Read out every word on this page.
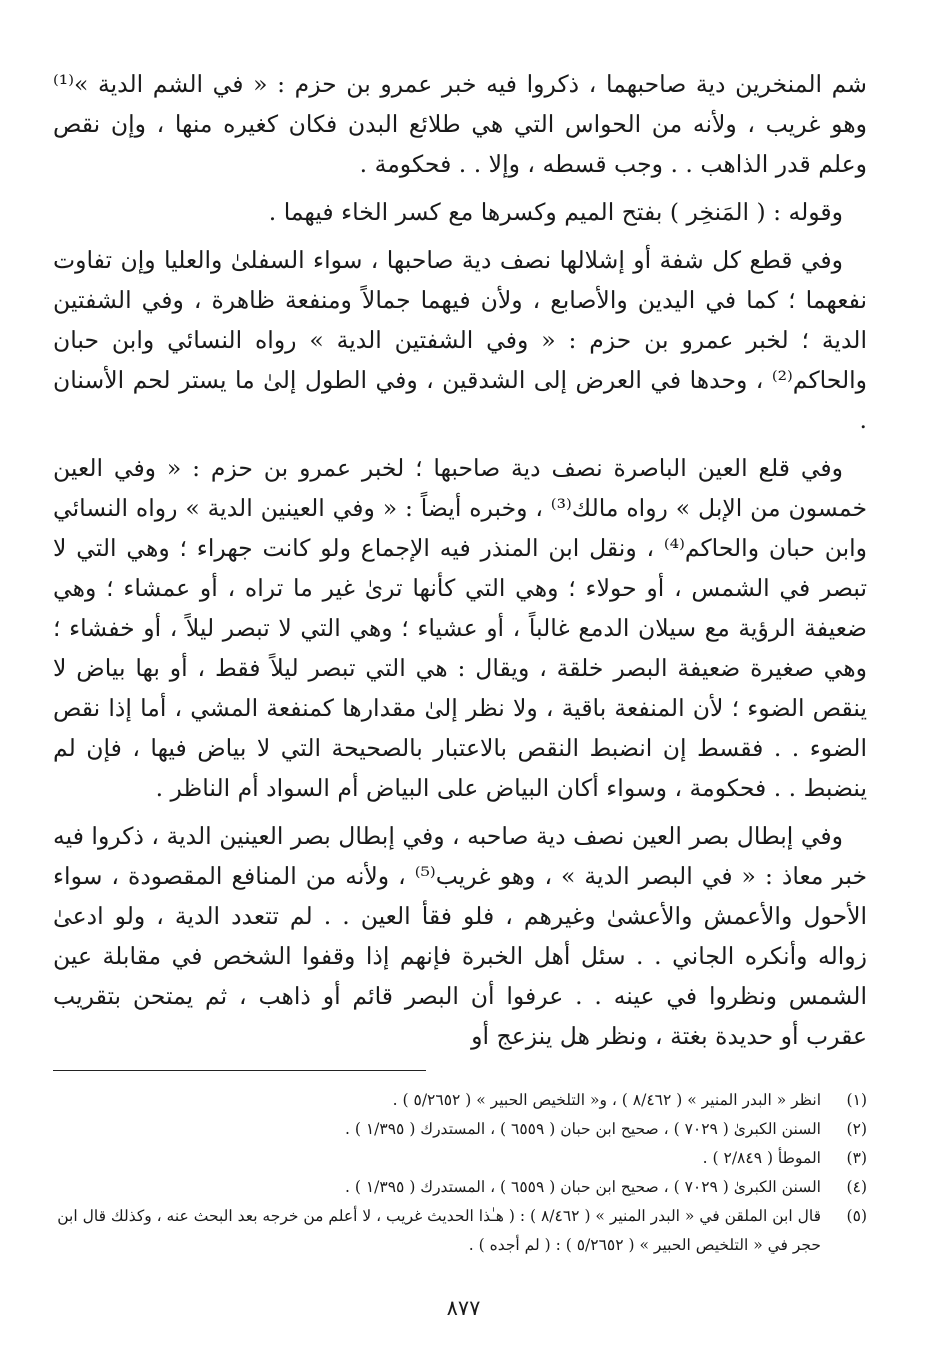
شم المنخرين دية صاحبهما ، ذكروا فيه خبر عمرو بن حزم : « في الشم الدية »⁽¹⁾ وهو غريب ، ولأنه من الحواس التي هي طلائع البدن فكان كغيره منها ، وإن نقص وعلم قدر الذاهب . . وجب قسطه ، وإلا . . فحكومة .

وقوله : ( المَنخِر ) بفتح الميم وكسرها مع كسر الخاء فيهما .

وفي قطع كل شفة أو إشلالها نصف دية صاحبها ، سواء السفلىٰ والعليا وإن تفاوت نفعهما ؛ كما في اليدين والأصابع ، ولأن فيهما جمالاً ومنفعة ظاهرة ، وفي الشفتين الدية ؛ لخبر عمرو بن حزم : « وفي الشفتين الدية » رواه النسائي وابن حبان والحاكم⁽²⁾ ، وحدها في العرض إلى الشدقين ، وفي الطول إلىٰ ما يستر لحم الأسنان .

وفي قلع العين الباصرة نصف دية صاحبها ؛ لخبر عمرو بن حزم : « وفي العين خمسون من الإبل » رواه مالك⁽³⁾ ، وخبره أيضاً : « وفي العينين الدية » رواه النسائي وابن حبان والحاكم⁽⁴⁾ ، ونقل ابن المنذر فيه الإجماع ولو كانت جهراء ؛ وهي التي لا تبصر في الشمس ، أو حولاء ؛ وهي التي كأنها ترىٰ غير ما تراه ، أو عمشاء ؛ وهي ضعيفة الرؤية مع سيلان الدمع غالباً ، أو عشياء ؛ وهي التي لا تبصر ليلاً ، أو خفشاء ؛ وهي صغيرة ضعيفة البصر خلقة ، ويقال : هي التي تبصر ليلاً فقط ، أو بها بياض لا ينقص الضوء ؛ لأن المنفعة باقية ، ولا نظر إلىٰ مقدارها كمنفعة المشي ، أما إذا نقص الضوء . . فقسط إن انضبط النقص بالاعتبار بالصحيحة التي لا بياض فيها ، فإن لم ينضبط . . فحكومة ، وسواء أكان البياض على البياض أم السواد أم الناظر .

وفي إبطال بصر العين نصف دية صاحبه ، وفي إبطال بصر العينين الدية ، ذكروا فيه خبر معاذ : « في البصر الدية » ، وهو غريب⁽⁵⁾ ، ولأنه من المنافع المقصودة ، سواء الأحول والأعمش والأعشىٰ وغيرهم ، فلو فقأ العين . . لم تتعدد الدية ، ولو ادعىٰ زواله وأنكره الجاني . . سئل أهل الخبرة فإنهم إذا وقفوا الشخص في مقابلة عين الشمس ونظروا في عينه . . عرفوا أن البصر قائم أو ذاهب ، ثم يمتحن بتقريب عقرب أو حديدة بغتة ، ونظر هل ينزعج أو

(١)
انظر « البدر المنير » ( ٨/٤٦٢ ) ، و« التلخيص الحبير » ( ٥/٢٦٥٢ ) .
(٢)
السنن الكبرىٰ ( ٧٠٢٩ ) ، صحيح ابن حبان ( ٦٥٥٩ ) ، المستدرك ( ١/٣٩٥ ) .
(٣)
الموطأ ( ٢/٨٤٩ ) .
(٤)
السنن الكبرىٰ ( ٧٠٢٩ ) ، صحيح ابن حبان ( ٦٥٥٩ ) ، المستدرك ( ١/٣٩٥ ) .
(٥)
قال ابن الملقن في « البدر المنير » ( ٨/٤٦٢ ) : ( هـٰذا الحديث غريب ، لا أعلم من خرجه بعد البحث عنه ، وكذلك قال ابن حجر في « التلخيص الحبير » ( ٥/٢٦٥٢ ) : ( لم أجده ) .
٨٧٧
